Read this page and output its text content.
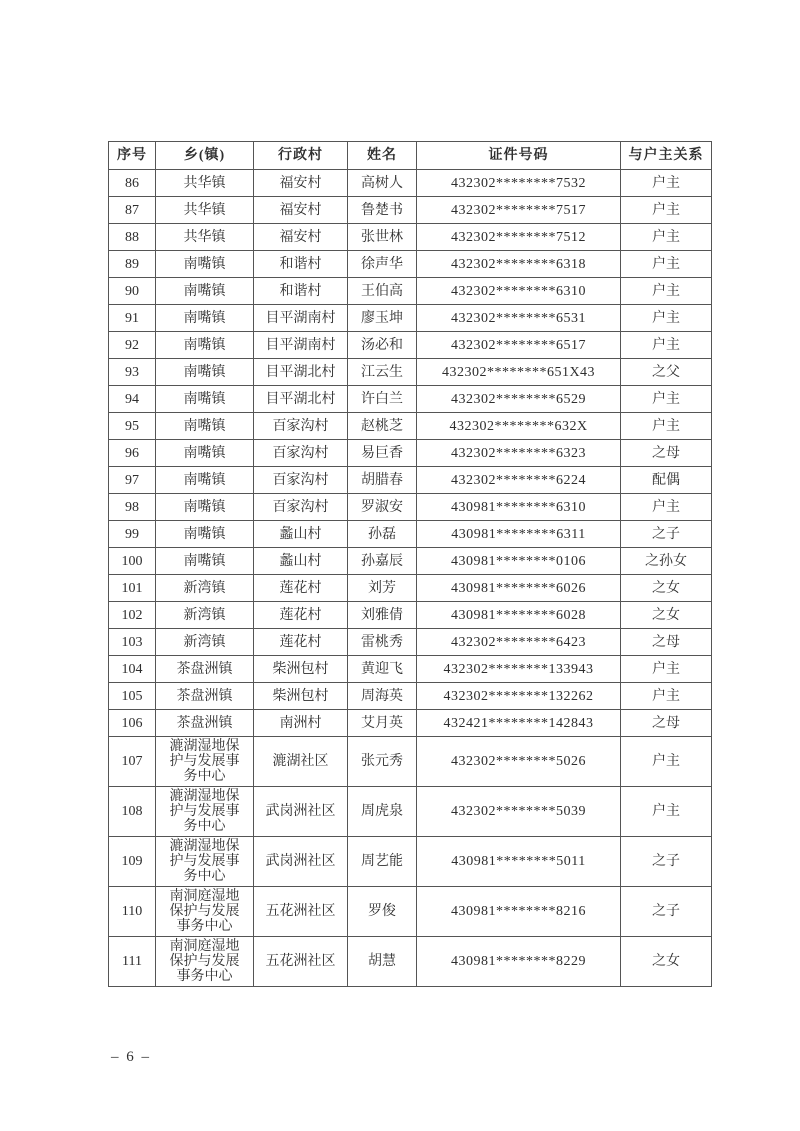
序号	乡(镇)	行政村	姓名	证件号码	与户主关系
86	共华镇	福安村	高树人	432302********7532	户主
87	共华镇	福安村	鲁楚书	432302********7517	户主
88	共华镇	福安村	张世林	432302********7512	户主
89	南嘴镇	和谐村	徐声华	432302********6318	户主
90	南嘴镇	和谐村	王伯高	432302********6310	户主
91	南嘴镇	目平湖南村	廖玉坤	432302********6531	户主
92	南嘴镇	目平湖南村	汤必和	432302********6517	户主
93	南嘴镇	目平湖北村	江云生	432302********651X43	之父
94	南嘴镇	目平湖北村	许白兰	432302********6529	户主
95	南嘴镇	百家沟村	赵桃芝	432302********632X	户主
96	南嘴镇	百家沟村	易巨香	432302********6323	之母
97	南嘴镇	百家沟村	胡腊春	432302********6224	配偶
98	南嘴镇	百家沟村	罗淑安	430981********6310	户主
99	南嘴镇	蠡山村	孙磊	430981********6311	之子
100	南嘴镇	蠡山村	孙嘉辰	430981********0106	之孙女
101	新湾镇	莲花村	刘芳	430981********6026	之女
102	新湾镇	莲花村	刘雅倩	430981********6028	之女
103	新湾镇	莲花村	雷桃秀	432302********6423	之母
104	茶盘洲镇	柴洲包村	黄迎飞	432302********133943	户主
105	茶盘洲镇	柴洲包村	周海英	432302********132262	户主
106	茶盘洲镇	南洲村	艾月英	432421********142843	之母
107	漉湖湿地保护与发展事务中心	漉湖社区	张元秀	432302********5026	户主
108	漉湖湿地保护与发展事务中心	武岗洲社区	周虎泉	432302********5039	户主
109	漉湖湿地保护与发展事务中心	武岗洲社区	周艺能	430981********5011	之子
110	南洞庭湿地保护与发展事务中心	五花洲社区	罗俊	430981********8216	之子
111	南洞庭湿地保护与发展事务中心	五花洲社区	胡慧	430981********8229	之女
– 6 –
